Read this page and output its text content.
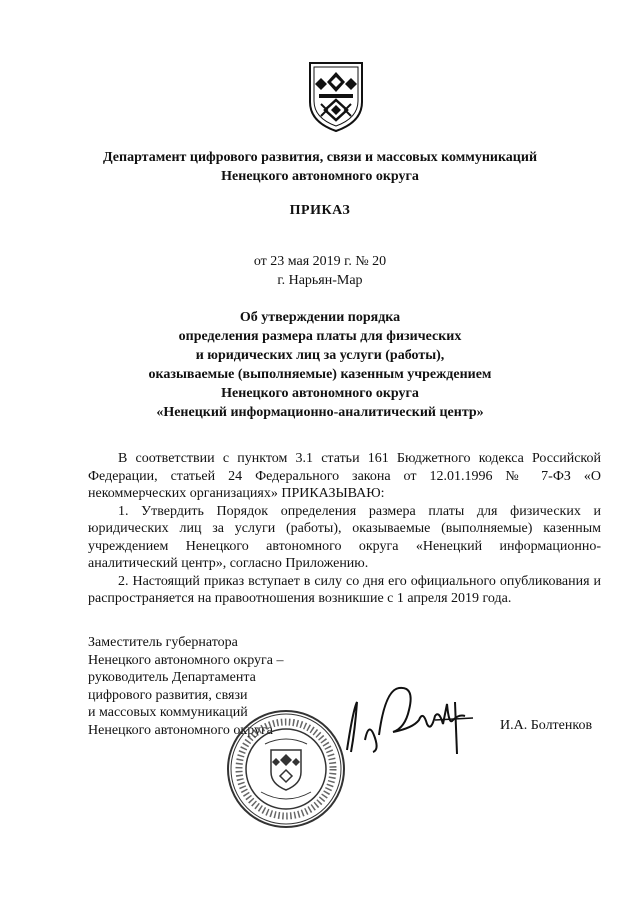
Департамент цифрового развития, связи и массовых коммуникаций
Ненецкого автономного округа
ПРИКАЗ
от 23 мая 2019 г. № 20
г. Нарьян-Мар
Об утверждении порядка
определения размера платы для физических
и юридических лиц за услуги (работы),
оказываемые (выполняемые) казенным учреждением
Ненецкого автономного округа
«Ненецкий информационно-аналитический центр»

В соответствии с пунктом 3.1 статьи 161 Бюджетного кодекса Российской Федерации, статьей 24 Федерального закона от 12.01.1996 № 7-ФЗ «О некоммерческих организациях» ПРИКАЗЫВАЮ:

1. Утвердить Порядок определения размера платы для физических и юридических лиц за услуги (работы), оказываемые (выполняемые) казенным учреждением Ненецкого автономного округа «Ненецкий информационно-аналитический центр», согласно Приложению.

2. Настоящий приказ вступает в силу со дня его официального опубликования и распространяется на правоотношения возникшие с 1 апреля 2019 года.

Заместитель губернатора
Ненецкого автономного округа –
руководитель Департамента
цифрового развития, связи
и массовых коммуникаций
Ненецкого автономного округа	И.А. Болтенков
